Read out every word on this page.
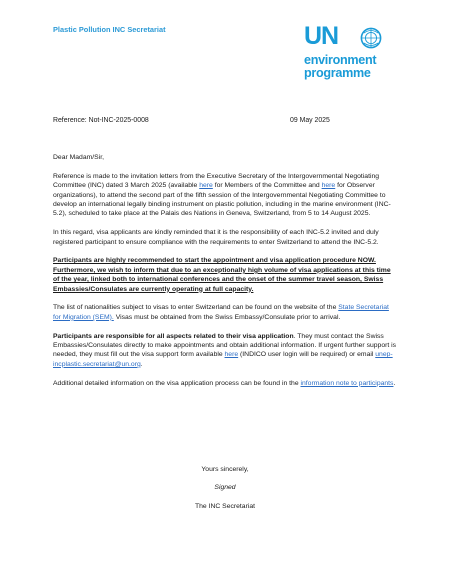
Plastic Pollution INC Secretariat	UN
environment
programme
Reference: Not-INC-2025-0008	09 May 2025

Dear Madam/Sir,

Reference is made to the invitation letters from the Executive Secretary of the Intergovernmental Negotiating Committee (INC) dated 3 March 2025 (available here for Members of the Committee and here for Observer organizations), to attend the second part of the fifth session of the Intergovernmental Negotiating Committee to develop an international legally binding instrument on plastic pollution, including in the marine environment (INC-5.2), scheduled to take place at the Palais des Nations in Geneva, Switzerland, from 5 to 14 August 2025.

In this regard, visa applicants are kindly reminded that it is the responsibility of each INC-5.2 invited and duly registered participant to ensure compliance with the requirements to enter Switzerland to attend the INC-5.2.

Participants are highly recommended to start the appointment and visa application procedure NOW. Furthermore, we wish to inform that due to an exceptionally high volume of visa applications at this time of the year, linked both to international conferences and the onset of the summer travel season, Swiss Embassies/Consulates are currently operating at full capacity.

The list of nationalities subject to visas to enter Switzerland can be found on the website of the State Secretariat for Migration (SEM). Visas must be obtained from the Swiss Embassy/Consulate prior to arrival.

Participants are responsible for all aspects related to their visa application. They must contact the Swiss Embassies/Consulates directly to make appointments and obtain additional information. If urgent further support is needed, they must fill out the visa support form available here (INDICO user login will be required) or email unep-incplastic.secretariat@un.org.

Additional detailed information on the visa application process can be found in the information note to participants.

Yours sincerely,
Signed
The INC Secretariat
